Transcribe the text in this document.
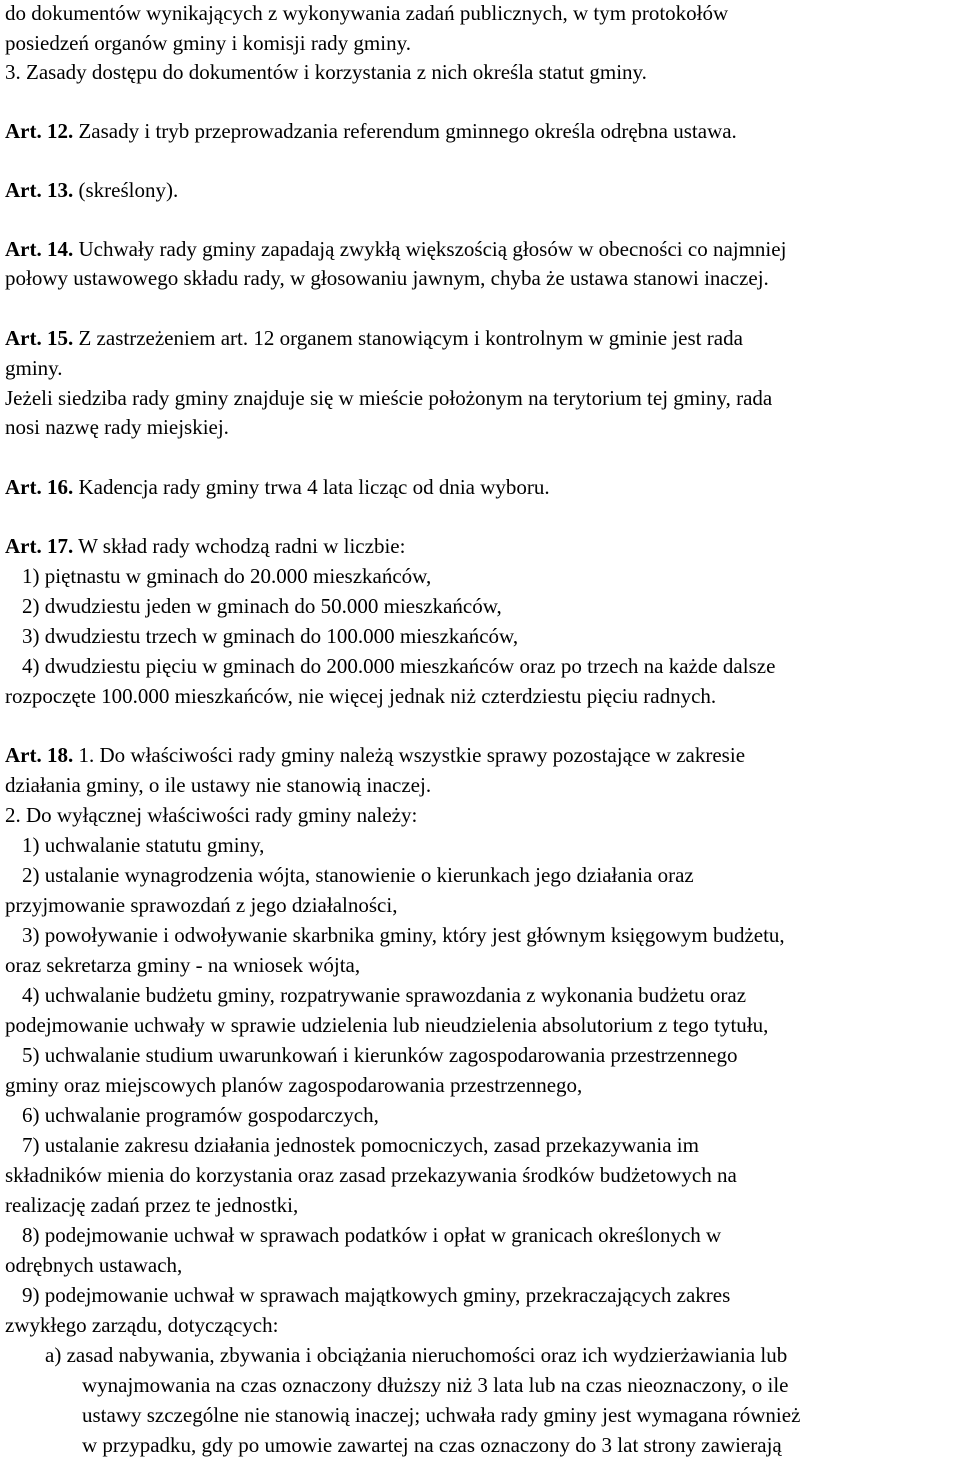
do dokumentów wynikających z wykonywania zadań publicznych, w tym protokołów
posiedzeń organów gminy i komisji rady gminy.
3. Zasady dostępu do dokumentów i korzystania z nich określa statut gminy.
Art. 12. Zasady i tryb przeprowadzania referendum gminnego określa odrębna ustawa.
Art. 13. (skreślony).
Art. 14. Uchwały rady gminy zapadają zwykłą większością głosów w obecności co najmniej
połowy ustawowego składu rady, w głosowaniu jawnym, chyba że ustawa stanowi inaczej.
Art. 15. Z zastrzeżeniem art. 12 organem stanowiącym i kontrolnym w gminie jest rada
gminy.
Jeżeli siedziba rady gminy znajduje się w mieście położonym na terytorium tej gminy, rada
nosi nazwę rady miejskiej.
Art. 16. Kadencja rady gminy trwa 4 lata licząc od dnia wyboru.
Art. 17. W skład rady wchodzą radni w liczbie:
1) piętnastu w gminach do 20.000 mieszkańców,
2) dwudziestu jeden w gminach do 50.000 mieszkańców,
3) dwudziestu trzech w gminach do 100.000 mieszkańców,
4) dwudziestu pięciu w gminach do 200.000 mieszkańców oraz po trzech na każde dalsze
rozpoczęte 100.000 mieszkańców, nie więcej jednak niż czterdziestu pięciu radnych.
Art. 18. 1. Do właściwości rady gminy należą wszystkie sprawy pozostające w zakresie
działania gminy, o ile ustawy nie stanowią inaczej.
2. Do wyłącznej właściwości rady gminy należy:
1) uchwalanie statutu gminy,
2) ustalanie wynagrodzenia wójta, stanowienie o kierunkach jego działania oraz
przyjmowanie sprawozdań z jego działalności,
3) powoływanie i odwoływanie skarbnika gminy, który jest głównym księgowym budżetu,
oraz sekretarza gminy - na wniosek wójta,
4) uchwalanie budżetu gminy, rozpatrywanie sprawozdania z wykonania budżetu oraz
podejmowanie uchwały w sprawie udzielenia lub nieudzielenia absolutorium z tego tytułu,
5) uchwalanie studium uwarunkowań i kierunków zagospodarowania przestrzennego
gminy oraz miejscowych planów zagospodarowania przestrzennego,
6) uchwalanie programów gospodarczych,
7) ustalanie zakresu działania jednostek pomocniczych, zasad przekazywania im
składników mienia do korzystania oraz zasad przekazywania środków budżetowych na
realizację zadań przez te jednostki,
8) podejmowanie uchwał w sprawach podatków i opłat w granicach określonych w
odrębnych ustawach,
9) podejmowanie uchwał w sprawach majątkowych gminy, przekraczających zakres
zwykłego zarządu, dotyczących:
a) zasad nabywania, zbywania i obciążania nieruchomości oraz ich wydzierżawiania lub
wynajmowania na czas oznaczony dłuższy niż 3 lata lub na czas nieoznaczony, o ile
ustawy szczególne nie stanowią inaczej; uchwała rady gminy jest wymagana również
w przypadku, gdy po umowie zawartej na czas oznaczony do 3 lat strony zawierają
